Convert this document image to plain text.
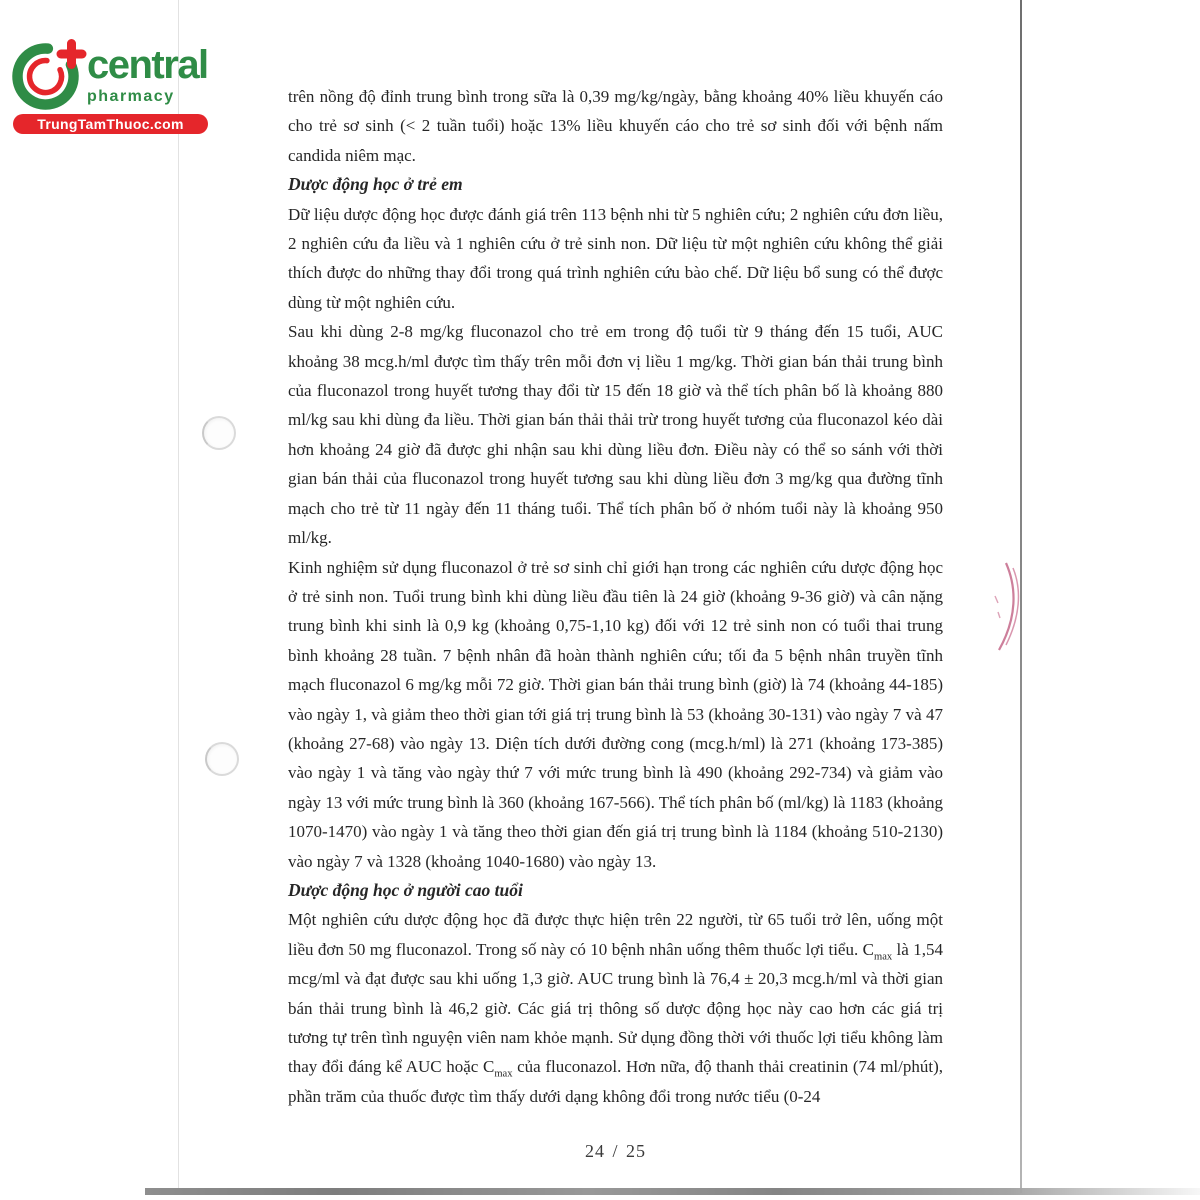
central
pharmacy
TrungTamThuoc.com

trên nồng độ đỉnh trung bình trong sữa là 0,39 mg/kg/ngày, bằng khoảng 40% liều khuyến cáo cho trẻ sơ sinh (< 2 tuần tuổi) hoặc 13% liều khuyến cáo cho trẻ sơ sinh đối với bệnh nấm candida niêm mạc.

Dược động học ở trẻ em

Dữ liệu dược động học được đánh giá trên 113 bệnh nhi từ 5 nghiên cứu; 2 nghiên cứu đơn liều, 2 nghiên cứu đa liều và 1 nghiên cứu ở trẻ sinh non. Dữ liệu từ một nghiên cứu không thể giải thích được do những thay đổi trong quá trình nghiên cứu bào chế. Dữ liệu bổ sung có thể được dùng từ một nghiên cứu.

Sau khi dùng 2-8 mg/kg fluconazol cho trẻ em trong độ tuổi từ 9 tháng đến 15 tuổi, AUC khoảng 38 mcg.h/ml được tìm thấy trên mỗi đơn vị liều 1 mg/kg. Thời gian bán thải trung bình của fluconazol trong huyết tương thay đổi từ 15 đến 18 giờ và thể tích phân bố là khoảng 880 ml/kg sau khi dùng đa liều. Thời gian bán thải thải trừ trong huyết tương của fluconazol kéo dài hơn khoảng 24 giờ đã được ghi nhận sau khi dùng liều đơn. Điều này có thể so sánh với thời gian bán thải của fluconazol trong huyết tương sau khi dùng liều đơn 3 mg/kg qua đường tĩnh mạch cho trẻ từ 11 ngày đến 11 tháng tuổi. Thể tích phân bố ở nhóm tuổi này là khoảng 950 ml/kg.

Kinh nghiệm sử dụng fluconazol ở trẻ sơ sinh chỉ giới hạn trong các nghiên cứu dược động học ở trẻ sinh non. Tuổi trung bình khi dùng liều đầu tiên là 24 giờ (khoảng 9-36 giờ) và cân nặng trung bình khi sinh là 0,9 kg (khoảng 0,75-1,10 kg) đối với 12 trẻ sinh non có tuổi thai trung bình khoảng 28 tuần. 7 bệnh nhân đã hoàn thành nghiên cứu; tối đa 5 bệnh nhân truyền tĩnh mạch fluconazol 6 mg/kg mỗi 72 giờ. Thời gian bán thải trung bình (giờ) là 74 (khoảng 44-185) vào ngày 1, và giảm theo thời gian tới giá trị trung bình là 53 (khoảng 30-131) vào ngày 7 và 47 (khoảng 27-68) vào ngày 13. Diện tích dưới đường cong (mcg.h/ml) là 271 (khoảng 173-385) vào ngày 1 và tăng vào ngày thứ 7 với mức trung bình là 490 (khoảng 292-734) và giảm vào ngày 13 với mức trung bình là 360 (khoảng 167-566). Thể tích phân bố (ml/kg) là 1183 (khoảng 1070-1470) vào ngày 1 và tăng theo thời gian đến giá trị trung bình là 1184 (khoảng 510-2130) vào ngày 7 và 1328 (khoảng 1040-1680) vào ngày 13.

Dược động học ở người cao tuổi

Một nghiên cứu dược động học đã được thực hiện trên 22 người, từ 65 tuổi trở lên, uống một liều đơn 50 mg fluconazol. Trong số này có 10 bệnh nhân uống thêm thuốc lợi tiểu. $C_{max}$ là 1,54 mcg/ml và đạt được sau khi uống 1,3 giờ. AUC trung bình là 76,4 ± 20,3 mcg.h/ml và thời gian bán thải trung bình là 46,2 giờ. Các giá trị thông số dược động học này cao hơn các giá trị tương tự trên tình nguyện viên nam khỏe mạnh. Sử dụng đồng thời với thuốc lợi tiểu không làm thay đổi đáng kể AUC hoặc $C_{max}$ của fluconazol. Hơn nữa, độ thanh thải creatinin (74 ml/phút), phần trăm của thuốc được tìm thấy dưới dạng không đổi trong nước tiểu (0-24

24 / 25
